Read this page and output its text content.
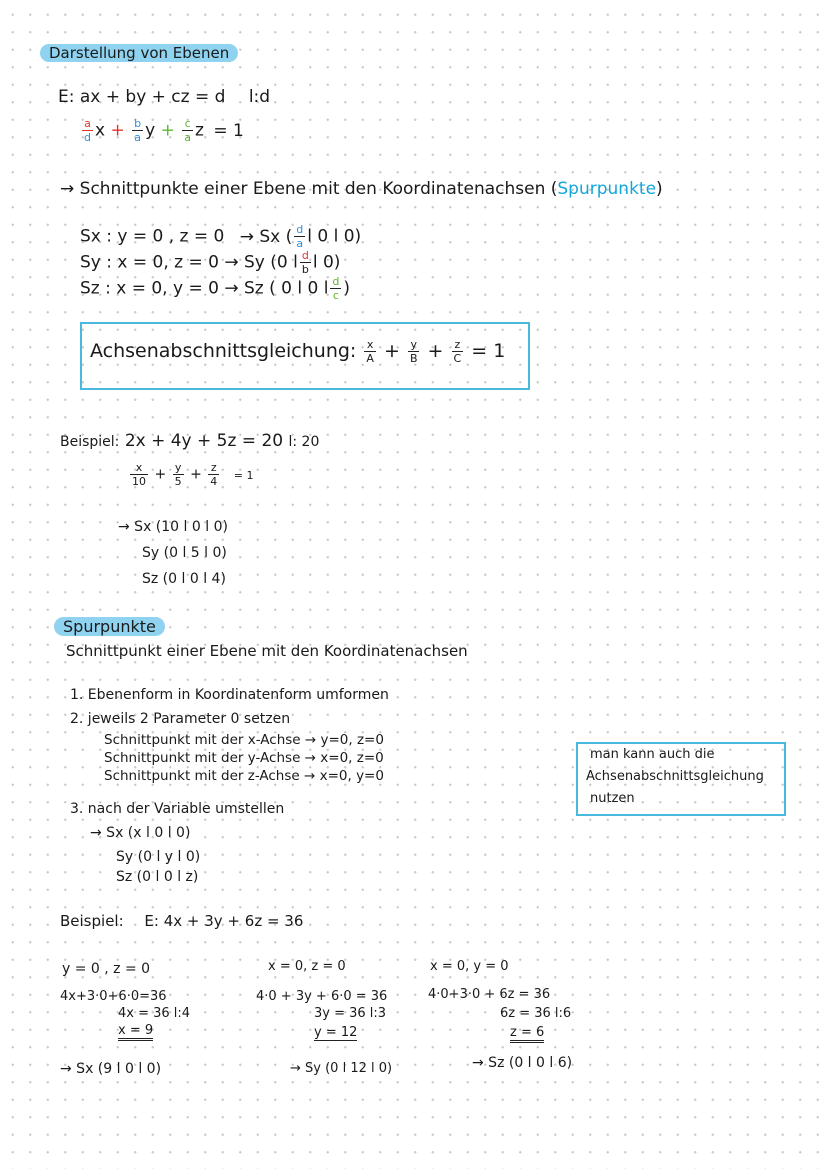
Darstellung von Ebenen
E: ax + by + cz = d l:d
$\frac{a}{d}$ $x + \frac{b}{a}$ $y + \frac{c}{a}$ z = 1
→ Schnittpunkte einer Ebene mit den Koordinatenachsen (Spurpunkte)
Sx : y = 0 , z = 0 → Sx ( $\frac{d}{a}$ l 0 l 0)
Sy : x = 0, z = 0 → Sy (0 l $\frac{d}{b}$ l 0)
Sz : x = 0, y = 0 → Sz ( 0 l 0 l $\frac{d}{c}$ )
Achsenabschnittsgleichung: $\frac{x}{A} + \frac{y}{B} + \frac{z}{C} = 1$
Beispiel: 2x + 4y + 5z = 20 l: 20
$\frac{x}{10} + \frac{y}{5} + \frac{z}{4} = 1$
→ Sx (10 l 0 l 0)
Sy (0 l 5 l 0)
Sz (0 l 0 l 4)
Spurpunkte
Schnittpunkt einer Ebene mit den Koordinatenachsen
1. Ebenenform in Koordinatenform umformen
2. jeweils 2 Parameter 0 setzen
Schnittpunkt mit der x-Achse → y=0, z=0
Schnittpunkt mit der y-Achse → x=0, z=0
Schnittpunkt mit der z-Achse → x=0, y=0
3. nach der Variable umstellen
→ Sx (x l 0 l 0)
Sy (0 l y l 0)
Sz (0 l 0 l z)
man kann auch die
Achsenabschnittsgleichung
nutzen
Beispiel: E: 4x + 3y + 6z = 36
y = 0 , z = 0
4x+3·0+6·0=36
4x = 36 l:4
x = 9
→ Sx (9 l 0 l 0)
x = 0, z = 0
4·0 + 3y + 6·0 = 36
3y = 36 l:3
y = 12
→ Sy (0 l 12 l 0)
x = 0, y = 0
4·0+3·0 + 6z = 36
6z = 36 l:6
z = 6
→ Sz (0 l 0 l 6)
